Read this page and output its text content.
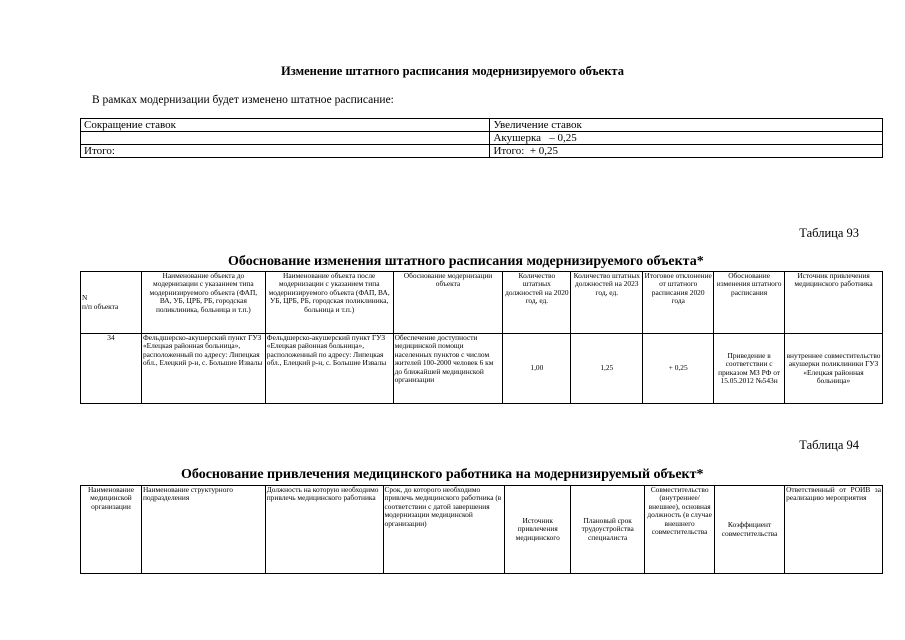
Изменение штатного расписания модернизируемого объекта
В рамках модернизации будет изменено штатное расписание:
Сокращение ставок	Увеличение ставок
	Акушерка   – 0,25
Итого:	Итого:  + 0,25
Таблица 93
Обоснование изменения штатного расписания модернизируемого объекта*
N
п/п объекта	Наименование объекта до модернизации с указанием типа модернизируемого объекта (ФАП, ВА, УБ, ЦРБ, РБ, городская поликлиника, больница и т.п.)	Наименование объекта после модернизации с указанием типа модернизируемого объекта (ФАП, ВА, УБ, ЦРБ, РБ, городская поликлиника, больница и т.п.)	Обоснование модернизации объекта	Количество штатных должностей на 2020 год, ед.	Количество штатных должностей на 2023 год, ед.	Итоговое отклонение от штатного расписания 2020 года	Обоснование изменения штатного расписания	Источник привлечения медицинского работника
34	Фельдшерско-акушерский пункт ГУЗ «Елецкая районная больница», расположенный по адресу: Липецкая обл., Елецкий р-н, с. Большие Извалы	Фельдшерско-акушерский пункт ГУЗ «Елецкая районная больница», расположенный по адресу: Липецкая обл., Елецкий р-н, с. Большие Извалы	Обеспечение доступности медицинской помощи населенных пунктов с числом жителей 100-2000 человек 6 км до ближайшей медицинской организации	1,00	1,25	+ 0,25	Приведение в соответствии с приказом МЗ РФ от 15.05.2012 №543н	внутреннее совместительство акушерки поликлиники ГУЗ «Елецкая районная больница»
Таблица 94
Обоснование привлечения медицинского работника на модернизируемый объект*
Наименование медицинской организации	Наименование структурного подразделения	Должность на которую необходимо привлечь медицинского работника	Срок, до которого необходимо привлечь медицинского работника (в соответствии с датой завершения модернизации медицинской организации)	Источник привлечения медицинского	Плановый срок трудоустройства специалиста	Совместительство (внутреннее/внешнее), основная должность (в случае внешнего совместительства	Коэффициент совместительства	Ответственный от РОИВ за реализацию мероприятия
